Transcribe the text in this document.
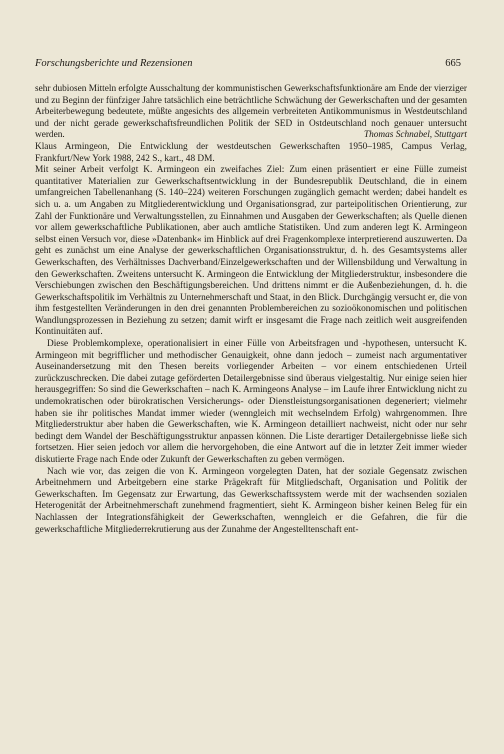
Forschungsberichte und Rezensionen	665

sehr dubiosen Mitteln erfolgte Ausschaltung der kommunistischen Gewerkschaftsfunktionäre am Ende der vierziger und zu Beginn der fünfziger Jahre tatsächlich eine beträchtliche Schwächung der Gewerkschaften und der gesamten Arbeiterbewegung bedeutete, müßte angesichts des allgemein verbreiteten Antikommunismus in Westdeutschland und der nicht gerade gewerkschaftsfreundlichen Politik der SED in Ostdeutschland noch genauer untersucht werden.	Thomas Schnabel, Stuttgart

Klaus Armingeon, Die Entwicklung der westdeutschen Gewerkschaften 1950–1985, Campus Verlag, Frankfurt/New York 1988, 242 S., kart., 48 DM.

Mit seiner Arbeit verfolgt K. Armingeon ein zweifaches Ziel: Zum einen präsentiert er eine Fülle zumeist quantitativer Materialien zur Gewerkschaftsentwicklung in der Bundesrepublik Deutschland, die in einem umfangreichen Tabellenanhang (S. 140–224) weiteren Forschungen zugänglich gemacht werden; dabei handelt es sich u. a. um Angaben zu Mitgliederentwicklung und Organisationsgrad, zur parteipolitischen Orientierung, zur Zahl der Funktionäre und Verwaltungsstellen, zu Einnahmen und Ausgaben der Gewerkschaften; als Quelle dienen vor allem gewerkschaftliche Publikationen, aber auch amtliche Statistiken. Und zum anderen legt K. Armingeon selbst einen Versuch vor, diese »Datenbank« im Hinblick auf drei Fragenkomplexe interpretierend auszuwerten. Da geht es zunächst um eine Analyse der gewerkschaftlichen Organisationsstruktur, d. h. des Gesamtsystems aller Gewerkschaften, des Verhältnisses Dachverband/Einzelgewerkschaften und der Willensbildung und Verwaltung in den Gewerkschaften. Zweitens untersucht K. Armingeon die Entwicklung der Mitgliederstruktur, insbesondere die Verschiebungen zwischen den Beschäftigungsbereichen. Und drittens nimmt er die Außenbeziehungen, d. h. die Gewerkschaftspolitik im Verhältnis zu Unternehmerschaft und Staat, in den Blick. Durchgängig versucht er, die von ihm festgestellten Veränderungen in den drei genannten Problembereichen zu sozioökonomischen und politischen Wandlungsprozessen in Beziehung zu setzen; damit wirft er insgesamt die Frage nach zeitlich weit ausgreifenden Kontinuitäten auf.

Diese Problemkomplexe, operationalisiert in einer Fülle von Arbeitsfragen und -hypothesen, untersucht K. Armingeon mit begrifflicher und methodischer Genauigkeit, ohne dann jedoch – zumeist nach argumentativer Auseinandersetzung mit den Thesen bereits vorliegender Arbeiten – vor einem entschiedenen Urteil zurückzuschrecken. Die dabei zutage geförderten Detailergebnisse sind überaus vielgestaltig. Nur einige seien hier herausgegriffen: So sind die Gewerkschaften – nach K. Armingeons Analyse – im Laufe ihrer Entwicklung nicht zu undemokratischen oder bürokratischen Versicherungs- oder Dienstleistungsorganisationen degeneriert; vielmehr haben sie ihr politisches Mandat immer wieder (wenngleich mit wechselndem Erfolg) wahrgenommen. Ihre Mitgliederstruktur aber haben die Gewerkschaften, wie K. Armingeon detailliert nachweist, nicht oder nur sehr bedingt dem Wandel der Beschäftigungsstruktur anpassen können. Die Liste derartiger Detailergebnisse ließe sich fortsetzen. Hier seien jedoch vor allem die hervorgehoben, die eine Antwort auf die in letzter Zeit immer wieder diskutierte Frage nach Ende oder Zukunft der Gewerkschaften zu geben vermögen.

Nach wie vor, das zeigen die von K. Armingeon vorgelegten Daten, hat der soziale Gegensatz zwischen Arbeitnehmern und Arbeitgebern eine starke Prägekraft für Mitgliedschaft, Organisation und Politik der Gewerkschaften. Im Gegensatz zur Erwartung, das Gewerkschaftssystem werde mit der wachsenden sozialen Heterogenität der Arbeitnehmerschaft zunehmend fragmentiert, sieht K. Armingeon bisher keinen Beleg für ein Nachlassen der Integrationsfähigkeit der Gewerkschaften, wenngleich er die Gefahren, die für die gewerkschaftliche Mitgliederrekrutierung aus der Zunahme der Angestelltenschaft ent-
